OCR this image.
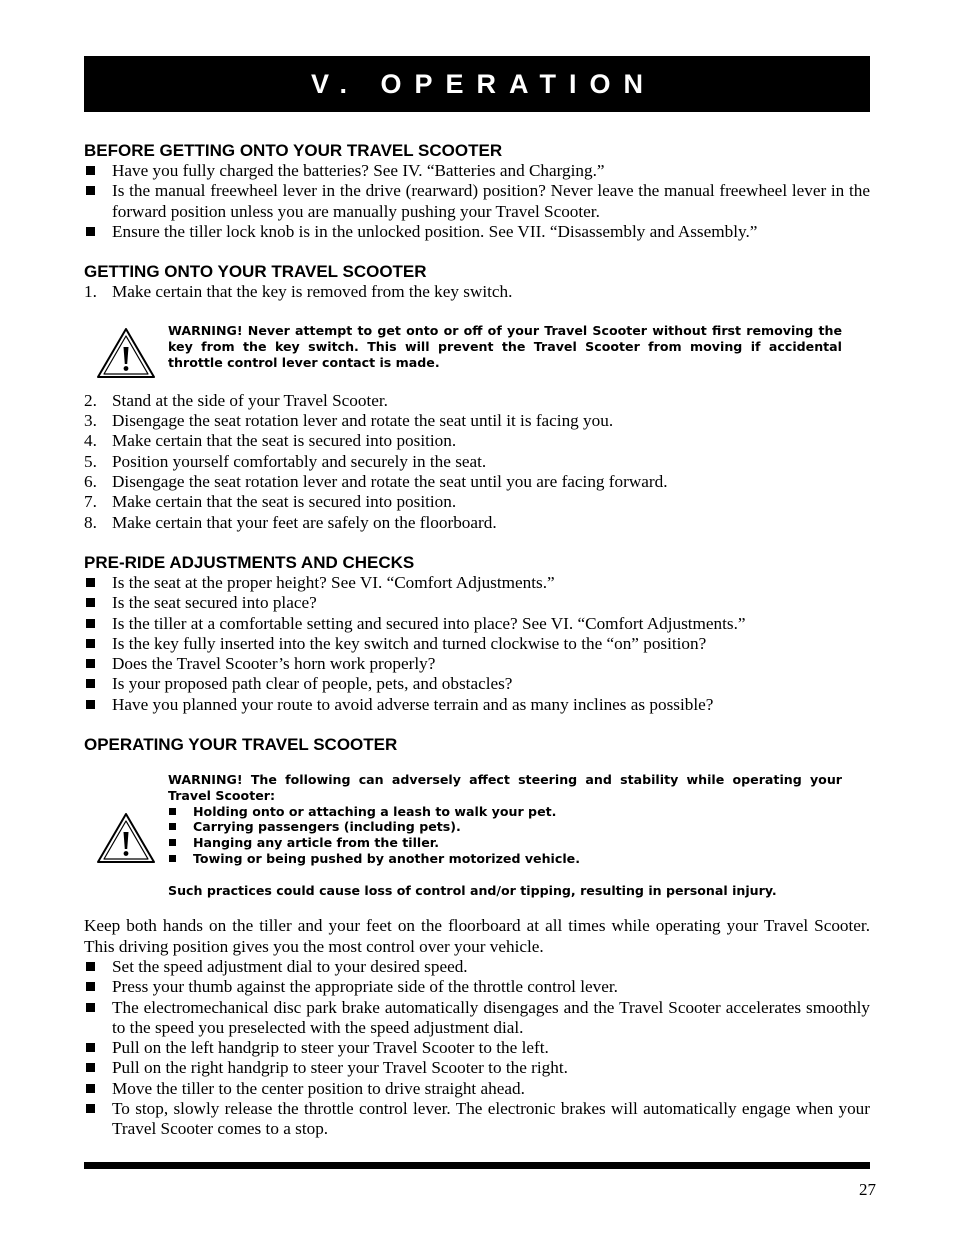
V. OPERATION
BEFORE GETTING ONTO YOUR TRAVEL SCOOTER
Have you fully charged the batteries? See IV. “Batteries and Charging.”
Is the manual freewheel lever in the drive (rearward) position? Never leave the manual freewheel lever in the forward position unless you are manually pushing your Travel Scooter.
Ensure the tiller lock knob is in the unlocked position. See VII. “Disassembly and Assembly.”
GETTING ONTO YOUR TRAVEL SCOOTER
1. Make certain that the key is removed from the key switch.
WARNING! Never attempt to get onto or off of your Travel Scooter without first removing the key from the key switch. This will prevent the Travel Scooter from moving if accidental throttle control lever contact is made.
2. Stand at the side of your Travel Scooter.
3. Disengage the seat rotation lever and rotate the seat until it is facing you.
4. Make certain that the seat is secured into position.
5. Position yourself comfortably and securely in the seat.
6. Disengage the seat rotation lever and rotate the seat until you are facing forward.
7. Make certain that the seat is secured into position.
8. Make certain that your feet are safely on the floorboard.
PRE-RIDE ADJUSTMENTS AND CHECKS
Is the seat at the proper height? See VI. “Comfort Adjustments.”
Is the seat secured into place?
Is the tiller at a comfortable setting and secured into place? See VI. “Comfort Adjustments.”
Is the key fully inserted into the key switch and turned clockwise to the “on” position?
Does the Travel Scooter’s horn work properly?
Is your proposed path clear of people, pets, and obstacles?
Have you planned your route to avoid adverse terrain and as many inclines as possible?
OPERATING YOUR TRAVEL SCOOTER
WARNING! The following can adversely affect steering and stability while operating your Travel Scooter:
Holding onto or attaching a leash to walk your pet.
Carrying passengers (including pets).
Hanging any article from the tiller.
Towing or being pushed by another motorized vehicle.
Such practices could cause loss of control and/or tipping, resulting in personal injury.

Keep both hands on the tiller and your feet on the floorboard at all times while operating your Travel Scooter. This driving position gives you the most control over your vehicle.

Set the speed adjustment dial to your desired speed.
Press your thumb against the appropriate side of the throttle control lever.
The electromechanical disc park brake automatically disengages and the Travel Scooter accelerates smoothly to the speed you preselected with the speed adjustment dial.
Pull on the left handgrip to steer your Travel Scooter to the left.
Pull on the right handgrip to steer your Travel Scooter to the right.
Move the tiller to the center position to drive straight ahead.
To stop, slowly release the throttle control lever. The electronic brakes will automatically engage when your Travel Scooter comes to a stop.
27
